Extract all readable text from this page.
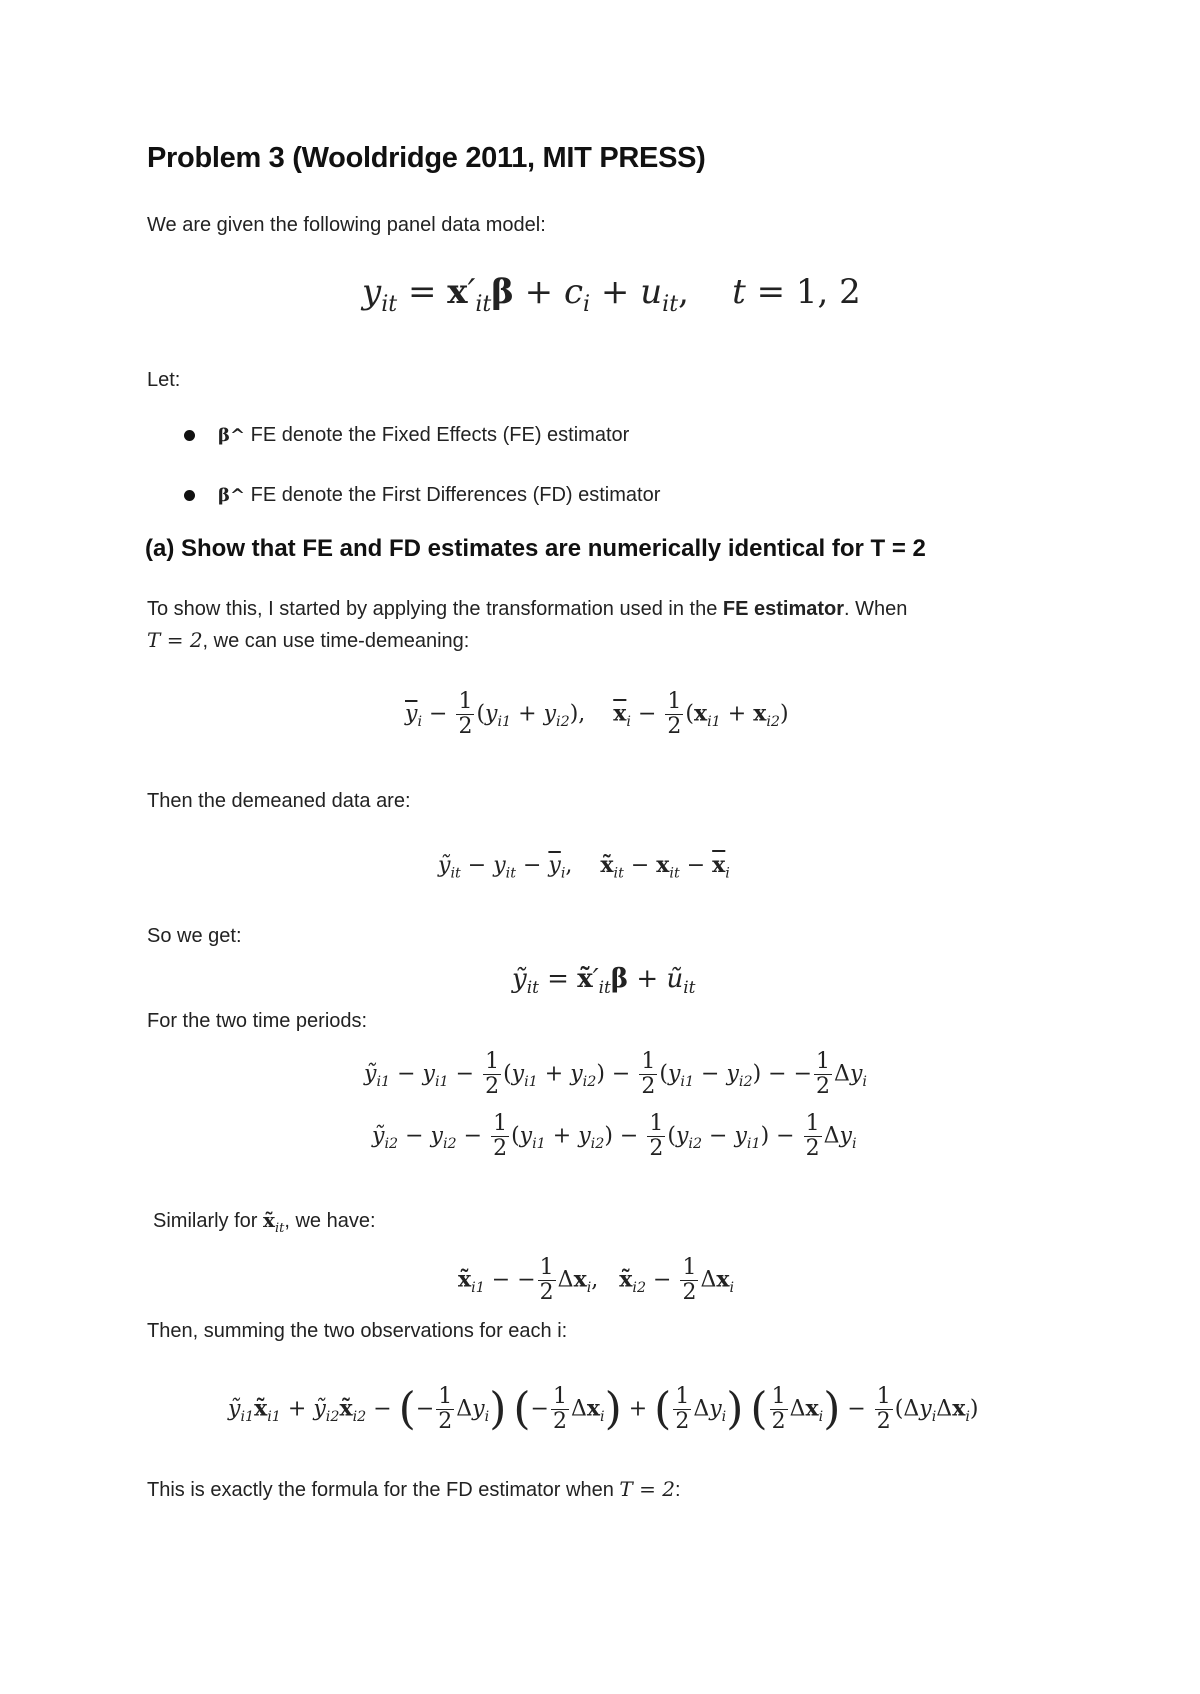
Problem 3 (Wooldridge 2011, MIT PRESS)
We are given the following panel data model:
$y_{it} = x'_{it}\beta + c_i + u_{it}$,    t = 1, 2
Let:
β^ FE denote the Fixed Effects (FE) estimator
β^ FE denote the First Differences (FD) estimator
(a) Show that FE and FD estimates are numerically identical for T = 2
To show this, I started by applying the transformation used in the FE estimator. When
T = 2, we can use time-demeaning:
$\overline{y}_i - \frac{1}{2} (y_{i1} + y_{i2})$, $\overline{x}_i - \frac{1}{2} (x_{i1} + x_{i2})$
Then the demeaned data are:
ỹ$_{it}$ − $y_{it} - \overline{y}_i$, $x̃_{it} - x_{it} - \overline{x}_i$
So we get:
ỹ$_{it}$ = $x̃'_{it}\beta$ + $ũ_{it}$
For the two time periods:
ỹ$_{i1}$ − $y_{i1} - \frac{1}{2} (y_{i1} + y_{i2}) - \frac{1}{2} (y_{i1} - y_{i2})$ − − $\frac{1}{2} \Delta y_i$
ỹ$_{i2}$ − $y_{i2} - \frac{1}{2} (y_{i1} + y_{i2}) - \frac{1}{2} (y_{i2} - y_{i1}) - \frac{1}{2} \Delta y_i$
Similarly for $x̃_{it}$, we have:
$x̃_{i1}$ − − $\frac{1}{2} \Delta x_i$, $x̃_{i2} - \frac{1}{2} \Delta x_i$
Then, summing the two observations for each i:
$ỹ_{i1}x̃_{i1}$ + $ỹ_{i2}x̃_{i2}$ − (− $\frac{1}{2} \Delta y_i$) (− $\frac{1}{2} \Delta x_i$) + ( $\frac{1}{2} \Delta y_i$) ( $\frac{1}{2} \Delta x_i) - \frac{1}{2} (\Delta y_i\Delta x_i)$
This is exactly the formula for the FD estimator when T = 2:
